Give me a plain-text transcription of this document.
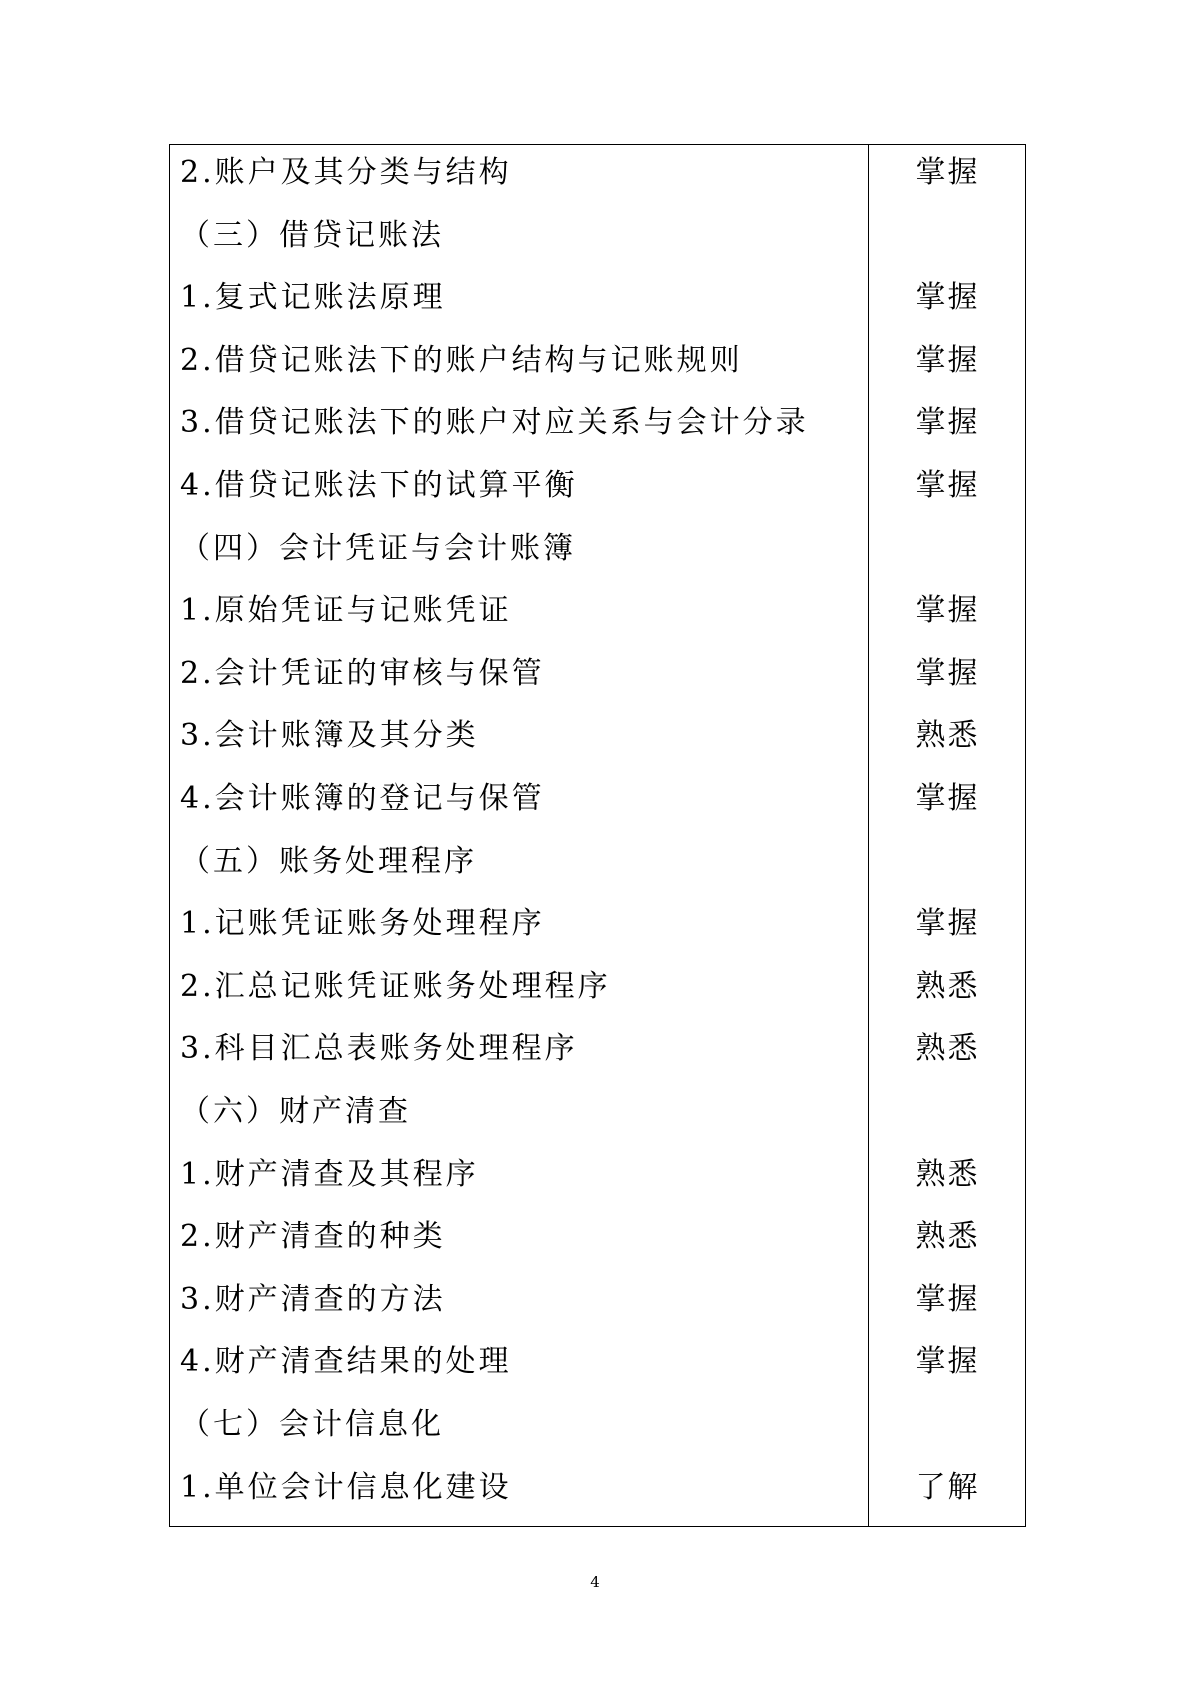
2.账户及其分类与结构	掌握
（三）借贷记账法
1.复式记账法原理	掌握
2.借贷记账法下的账户结构与记账规则	掌握
3.借贷记账法下的账户对应关系与会计分录	掌握
4.借贷记账法下的试算平衡	掌握
（四）会计凭证与会计账簿
1.原始凭证与记账凭证	掌握
2.会计凭证的审核与保管	掌握
3.会计账簿及其分类	熟悉
4.会计账簿的登记与保管	掌握
（五）账务处理程序
1.记账凭证账务处理程序	掌握
2.汇总记账凭证账务处理程序	熟悉
3.科目汇总表账务处理程序	熟悉
（六）财产清查
1.财产清查及其程序	熟悉
2.财产清查的种类	熟悉
3.财产清查的方法	掌握
4.财产清查结果的处理	掌握
（七）会计信息化
1.单位会计信息化建设	了解
4
